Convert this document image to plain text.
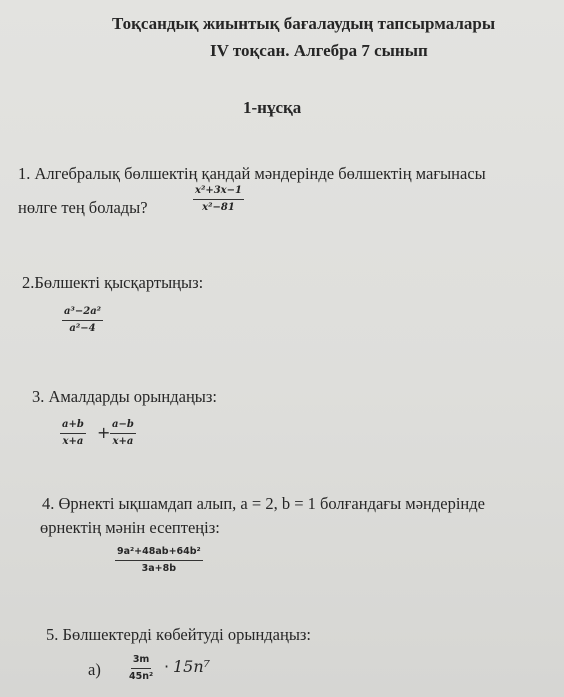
Тоқсандық жиынтық бағалаудың тапсырмалары
IV тоқсан. Алгебра 7 сынып
1-нұсқа
1. Алгебралық бөлшектің қандай мәндерінде бөлшектің мағынасы
нөлге тең болады?	$\frac{\text{x²+3x−1}}{\text{x²−81}}$
2.Бөлшекті қысқартыңыз:
$\frac{\text{a³−2a²}}{\text{a²−4}}$
3. Амалдарды орындаңыз:
$\frac{a+b}{x+a} + \frac{a-b}{x+a}$
4. Өрнекті ықшамдап алып, a = 2, b = 1 болғандағы мәндерінде
өрнектің мәнін есептеңіз:
$\frac{\text{9a²+48ab+64b²}}{3a+8b}$
5. Бөлшектерді көбейтуді орындаңыз:
а)	$\frac{3m}{\text{45n²}} \cdot 15n^7$
